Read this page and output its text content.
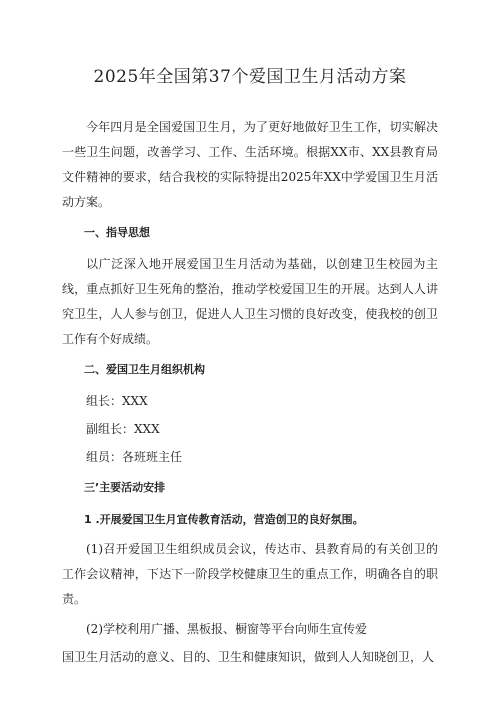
2025年全国第37个爱国卫生月活动方案

今年四月是全国爱国卫生月，为了更好地做好卫生工作，切实解决一些卫生问题，改善学习、工作、生活环境。根据XX市、XX县教育局文件精神的要求，结合我校的实际特提出2025年XX中学爱国卫生月活动方案。

一、指导思想

以广泛深入地开展爱国卫生月活动为基础，以创建卫生校园为主线，重点抓好卫生死角的整治，推动学校爱国卫生的开展。达到人人讲究卫生，人人参与创卫，促进人人卫生习惯的良好改变，使我校的创卫工作有个好成绩。

二、爱国卫生月组织机构

组长：XXX

副组长：XXX

组员：各班班主任

三’主要活动安排

1 .开展爱国卫生月宣传教育活动，营造创卫的良好氛围。

(1)召开爱国卫生组织成员会议，传达市、县教育局的有关创卫的工作会议精神，下达下一阶段学校健康卫生的重点工作，明确各自的职责。

(2)学校利用广播、黑板报、橱窗等平台向师生宣传爱

国卫生月活动的意义、目的、卫生和健康知识，做到人人知晓创卫，人
